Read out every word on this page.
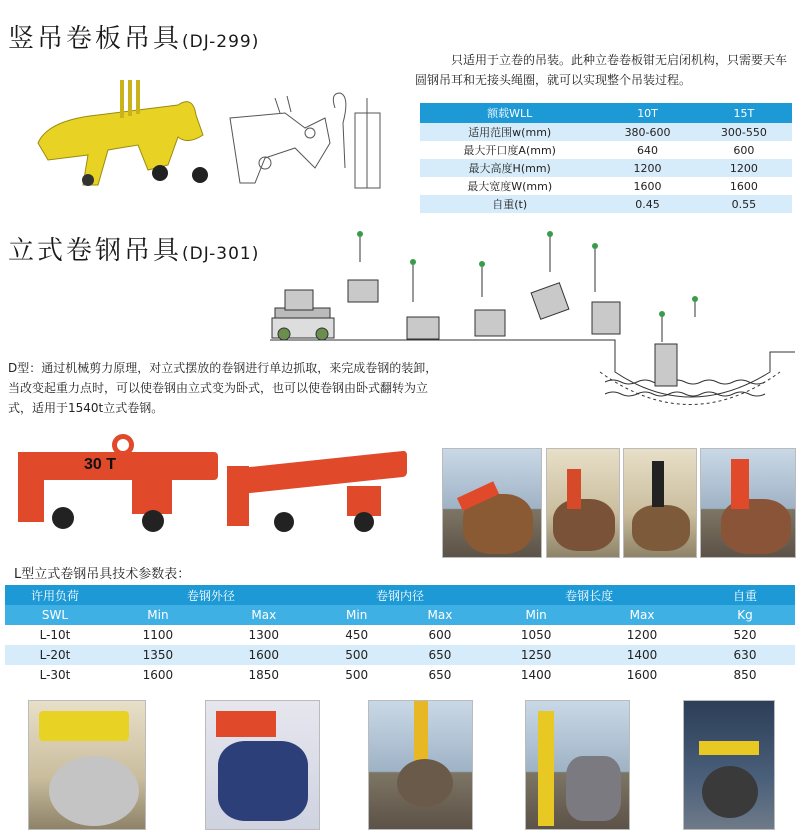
竖吊卷板吊具(DJ-299)
只适用于立卷的吊装。此种立卷卷板钳无启闭机构，只需要天车圆钢吊耳和无接头绳圈，就可以实现整个吊装过程。
额载WLL	10T	15T
适用范围w(mm)	380-600	300-550
最大开口度A(mm)	640	600
最大高度H(mm)	1200	1200
最大宽度W(mm)	1600	1600
自重(t)	0.45	0.55
立式卷钢吊具(DJ-301)
D型：通过机械剪力原理，对立式摆放的卷钢进行单边抓取，来完成卷钢的装卸，当改变起重力点时，可以使卷钢由立式变为卧式，也可以使卷钢由卧式翻转为立式，适用于1540t立式卷钢。
30 T
L型立式卷钢吊具技术参数表：
许用负荷	卷钢外径		卷钢内径		卷钢长度		自重
SWL	Min	Max	Min	Max	Min	Max	Kg
L-10t	1100	1300	450	600	1050	1200	520
L-20t	1350	1600	500	650	1250	1400	630
L-30t	1600	1850	500	650	1400	1600	850
